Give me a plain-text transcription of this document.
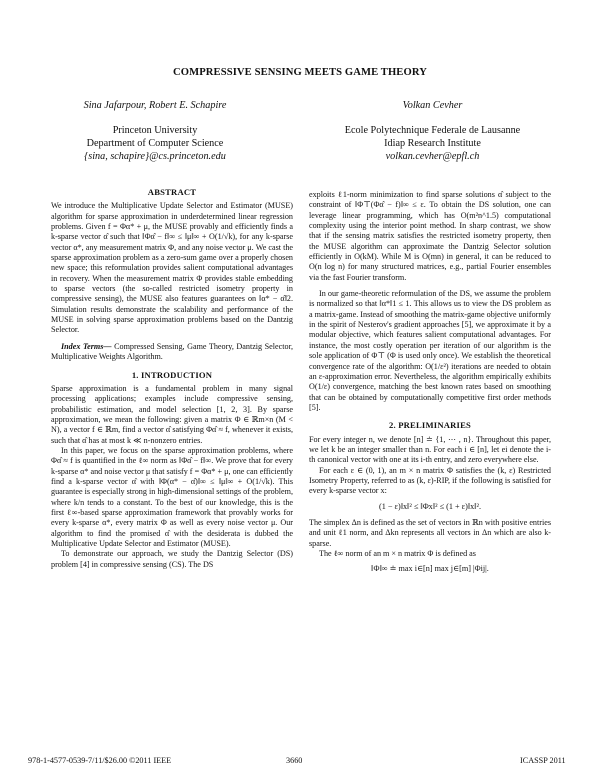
COMPRESSIVE SENSING MEETS GAME THEORY
Sina Jafarpour, Robert E. Schapire
Princeton University
Department of Computer Science
{sina, schapire}@cs.princeton.edu
Volkan Cevher
Ecole Polytechnique Federale de Lausanne
Idiap Research Institute
volkan.cevher@epfl.ch
ABSTRACT

We introduce the Multiplicative Update Selector and Estimator (MUSE) algorithm for sparse approximation in underdetermined linear regression problems. Given f = Φα* + μ, the MUSE provably and efficiently finds a k-sparse vector α̂ such that ‖Φα̂ − f‖∞ ≤ ‖μ‖∞ + O(1/√k), for any k-sparse vector α*, any measurement matrix Φ, and any noise vector μ. We cast the sparse approximation problem as a zero-sum game over a properly chosen new space; this reformulation provides salient computational advantages in recovery. When the measurement matrix Φ provides stable embedding to sparse vectors (the so-called restricted isometry property in compressive sensing), the MUSE also features guarantees on ‖α* − α̂‖2. Simulation results demonstrate the scalability and performance of the MUSE in solving sparse approximation problems based on the Dantzig Selector.

Index Terms— Compressed Sensing, Game Theory, Dantzig Selector, Multiplicative Weights Algorithm.

1. INTRODUCTION

Sparse approximation is a fundamental problem in many signal processing applications; examples include compressive sensing, probabilistic estimation, and model selection [1, 2, 3]. By sparse approximation, we mean the following: given a matrix Φ ∈ ℝm×n (M < N), a vector f ∈ ℝm, find a vector α̂ satisfying Φα̂ ≈ f, whenever it exists, such that α̂ has at most k ≪ n-nonzero entries.

In this paper, we focus on the sparse approximation problems, where Φα̂ ≈ f is quantified in the ℓ∞ norm as ‖Φα̂ − f‖∞. We prove that for every k-sparse α* and noise vector μ that satisfy f = Φα* + μ, one can efficiently find a k-sparse vector α̂ with ‖Φ(α* − α̂)‖∞ ≤ ‖μ‖∞ + O(1/√k). This guarantee is especially strong in high-dimensional settings of the problem, where k/n tends to a constant. To the best of our knowledge, this is the first ℓ∞-based sparse approximation framework that provably works for every k-sparse α*, every matrix Φ as well as every noise vector μ. Our algorithm to find the promised α̂ with the desiderata is dubbed the Multiplicative Update Selector and Estimator (MUSE).

To demonstrate our approach, we study the Dantzig Selector (DS) problem [4] in compressive sensing (CS). The DS

exploits ℓ1-norm minimization to find sparse solutions α̂ subject to the constraint of ‖Φ⊤(Φα̂ − f)‖∞ ≤ ε. To obtain the DS solution, one can leverage linear programming, which has O(m²n^1.5) computational complexity using the interior point method. In sharp contrast, we show that if the sensing matrix satisfies the restricted isometry property, then the MUSE algorithm can approximate the Dantzig Selector solution efficiently in O(kM). While M is O(mn) in general, it can be reduced to O(n log n) for many structured matrices, e.g., partial Fourier ensembles via the fast Fourier transform.

In our game-theoretic reformulation of the DS, we assume the problem is normalized so that ‖α*‖1 ≤ 1. This allows us to view the DS problem as a matrix-game. Instead of smoothing the matrix-game objective uniformly in the spirit of Nesterov's gradient approaches [5], we approximate it by a modular objective, which features salient computational advantages. For instance, the most costly operation per iteration of our algorithm is the sole application of Φ⊤ (Φ is used only once). We establish the theoretical convergence rate of the algorithm: O(1/ε²) iterations are needed to obtain an ε-approximation error. Nevertheless, the algorithm empirically exhibits O(1/ε) convergence, matching the best known rates based on smoothing that can be obtained by computationally competitive first order methods [5].

2. PRELIMINARIES

For every integer n, we denote [n] ≐ {1, ⋯ , n}. Throughout this paper, we let k be an integer smaller than n. For each i ∈ [n], let ei denote the i-th canonical vector with one at its i-th entry, and zero everywhere else.

For each ε ∈ (0, 1), an m × n matrix Φ satisfies the (k, ε) Restricted Isometry Property, referred to as (k, ε)-RIP, if the following is satisfied for every k-sparse vector x:

(1 − ε)‖x‖² ≤ ‖Φx‖² ≤ (1 + ε)‖x‖².

The simplex Δn is defined as the set of vectors in ℝn with positive entries and unit ℓ1 norm, and Δkn represents all vectors in Δn which are also k-sparse.

The ℓ∞ norm of an m × n matrix Φ is defined as

‖Φ‖∞ ≐ max i∈[n] max j∈[m] |Φij|.
978-1-4577-0539-7/11/$26.00 ©2011 IEEE	3660	ICASSP 2011
